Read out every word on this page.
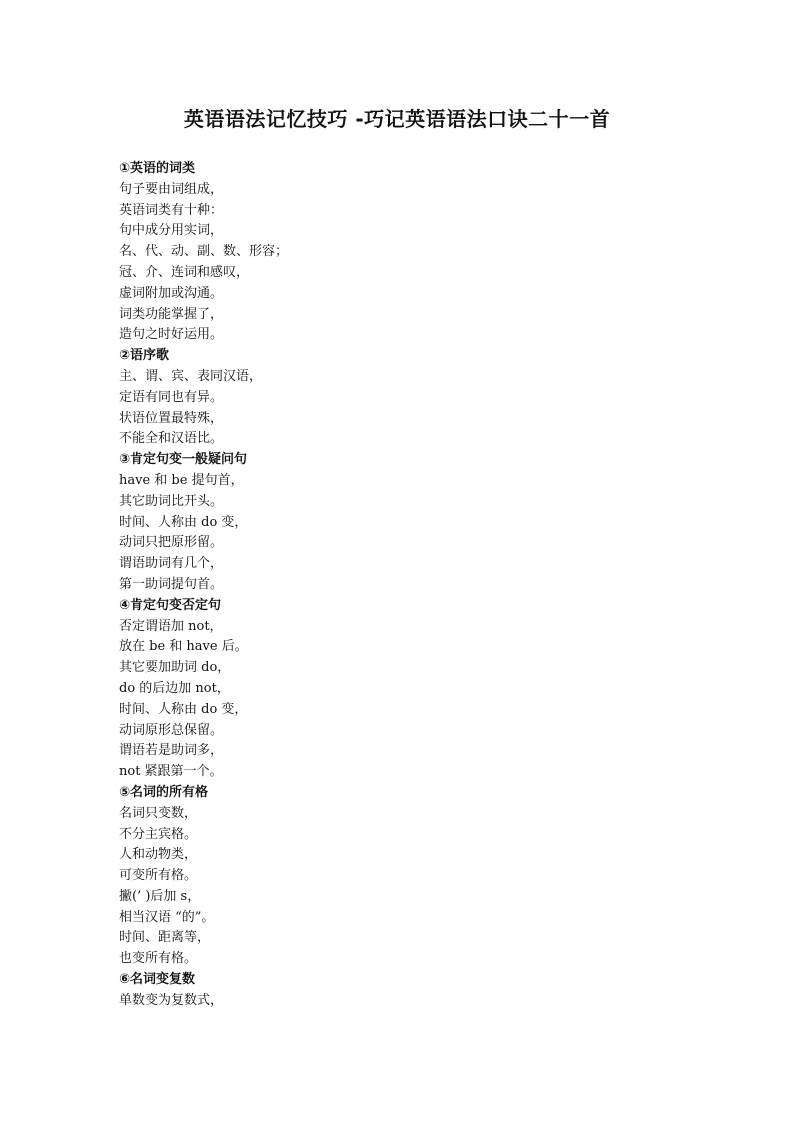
英语语法记忆技巧 -巧记英语语法口诀二十一首
①英语的词类
句子要由词组成，
英语词类有十种：
句中成分用实词，
名、代、动、副、数、形容；
冠、介、连词和感叹，
虚词附加或沟通。
词类功能掌握了，
造句之时好运用。
②语序歌
主、谓、宾、表同汉语，
定语有同也有异。
状语位置最特殊，
不能全和汉语比。
③肯定句变一般疑问句
have 和 be 提句首，
其它助词比开头。
时间、人称由 do 变，
动词只把原形留。
谓语助词有几个，
第一助词提句首。
④肯定句变否定句
否定谓语加 not，
放在 be 和 have 后。
其它要加助词 do，
do 的后边加 not，
时间、人称由 do 变，
动词原形总保留。
谓语若是助词多，
not 紧跟第一个。
⑤名词的所有格
名词只变数，
不分主宾格。
人和动物类，
可变所有格。
撇(’ )后加 s，
相当汉语 “的”。
时间、距离等，
也变所有格。
⑥名词变复数
单数变为复数式，
